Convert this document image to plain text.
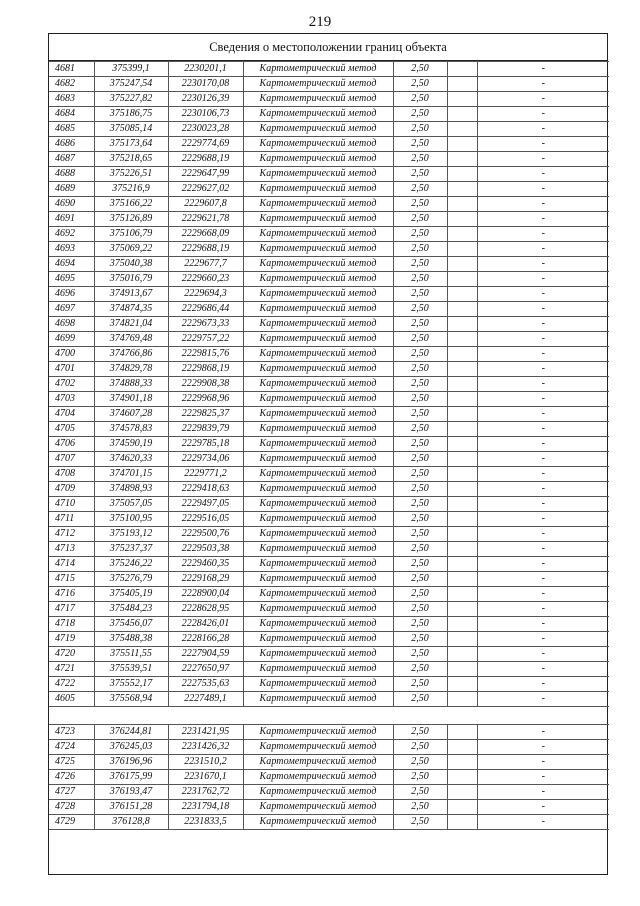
219
Сведения о местоположении границ объекта
4681	375399,1	2230201,1	Картометрический метод	2,50		-
4682	375247,54	2230170,08	Картометрический метод	2,50		-
4683	375227,82	2230126,39	Картометрический метод	2,50		-
4684	375186,75	2230106,73	Картометрический метод	2,50		-
4685	375085,14	2230023,28	Картометрический метод	2,50		-
4686	375173,64	2229774,69	Картометрический метод	2,50		-
4687	375218,65	2229688,19	Картометрический метод	2,50		-
4688	375226,51	2229647,99	Картометрический метод	2,50		-
4689	375216,9	2229627,02	Картометрический метод	2,50		-
4690	375166,22	2229607,8	Картометрический метод	2,50		-
4691	375126,89	2229621,78	Картометрический метод	2,50		-
4692	375106,79	2229668,09	Картометрический метод	2,50		-
4693	375069,22	2229688,19	Картометрический метод	2,50		-
4694	375040,38	2229677,7	Картометрический метод	2,50		-
4695	375016,79	2229660,23	Картометрический метод	2,50		-
4696	374913,67	2229694,3	Картометрический метод	2,50		-
4697	374874,35	2229686,44	Картометрический метод	2,50		-
4698	374821,04	2229673,33	Картометрический метод	2,50		-
4699	374769,48	2229757,22	Картометрический метод	2,50		-
4700	374766,86	2229815,76	Картометрический метод	2,50		-
4701	374829,78	2229868,19	Картометрический метод	2,50		-
4702	374888,33	2229908,38	Картометрический метод	2,50		-
4703	374901,18	2229968,96	Картометрический метод	2,50		-
4704	374607,28	2229825,37	Картометрический метод	2,50		-
4705	374578,83	2229839,79	Картометрический метод	2,50		-
4706	374590,19	2229785,18	Картометрический метод	2,50		-
4707	374620,33	2229734,06	Картометрический метод	2,50		-
4708	374701,15	2229771,2	Картометрический метод	2,50		-
4709	374898,93	2229418,63	Картометрический метод	2,50		-
4710	375057,05	2229497,05	Картометрический метод	2,50		-
4711	375100,95	2229516,05	Картометрический метод	2,50		-
4712	375193,12	2229500,76	Картометрический метод	2,50		-
4713	375237,37	2229503,38	Картометрический метод	2,50		-
4714	375246,22	2229460,35	Картометрический метод	2,50		-
4715	375276,79	2229168,29	Картометрический метод	2,50		-
4716	375405,19	2228900,04	Картометрический метод	2,50		-
4717	375484,23	2228628,95	Картометрический метод	2,50		-
4718	375456,07	2228426,01	Картометрический метод	2,50		-
4719	375488,38	2228166,28	Картометрический метод	2,50		-
4720	375511,55	2227904,59	Картометрический метод	2,50		-
4721	375539,51	2227650,97	Картометрический метод	2,50		-
4722	375552,17	2227535,63	Картометрический метод	2,50		-
4605	375568,94	2227489,1	Картометрический метод	2,50		-

4723	376244,81	2231421,95	Картометрический метод	2,50		-
4724	376245,03	2231426,32	Картометрический метод	2,50		-
4725	376196,96	2231510,2	Картометрический метод	2,50		-
4726	376175,99	2231670,1	Картометрический метод	2,50		-
4727	376193,47	2231762,72	Картометрический метод	2,50		-
4728	376151,28	2231794,18	Картометрический метод	2,50		-
4729	376128,8	2231833,5	Картометрический метод	2,50		-
